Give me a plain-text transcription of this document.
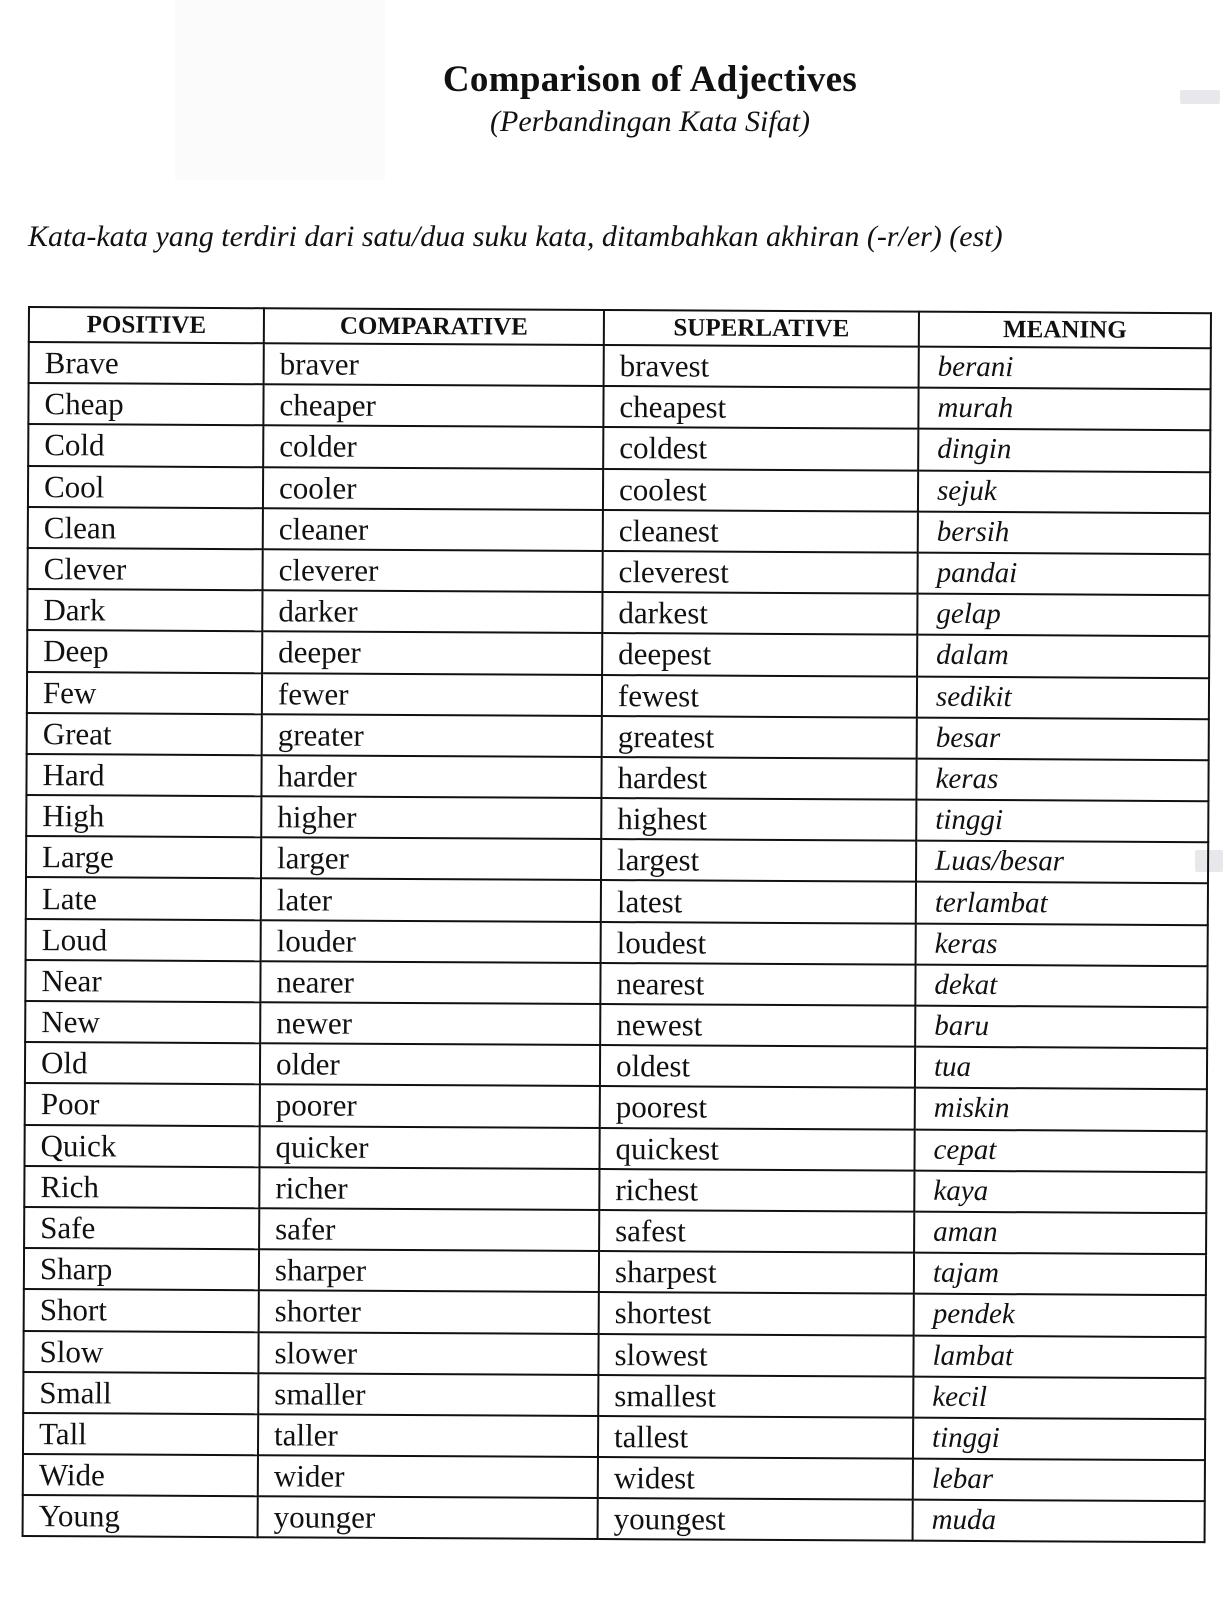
Comparison of Adjectives
(Perbandingan Kata Sifat)
Kata-kata yang terdiri dari satu/dua suku kata, ditambahkan akhiran (-r/er) (est)
POSITIVE	COMPARATIVE	SUPERLATIVE	MEANING
Brave	braver	bravest	berani
Cheap	cheaper	cheapest	murah
Cold	colder	coldest	dingin
Cool	cooler	coolest	sejuk
Clean	cleaner	cleanest	bersih
Clever	cleverer	cleverest	pandai
Dark	darker	darkest	gelap
Deep	deeper	deepest	dalam
Few	fewer	fewest	sedikit
Great	greater	greatest	besar
Hard	harder	hardest	keras
High	higher	highest	tinggi
Large	larger	largest	Luas/besar
Late	later	latest	terlambat
Loud	louder	loudest	keras
Near	nearer	nearest	dekat
New	newer	newest	baru
Old	older	oldest	tua
Poor	poorer	poorest	miskin
Quick	quicker	quickest	cepat
Rich	richer	richest	kaya
Safe	safer	safest	aman
Sharp	sharper	sharpest	tajam
Short	shorter	shortest	pendek
Slow	slower	slowest	lambat
Small	smaller	smallest	kecil
Tall	taller	tallest	tinggi
Wide	wider	widest	lebar
Young	younger	youngest	muda
